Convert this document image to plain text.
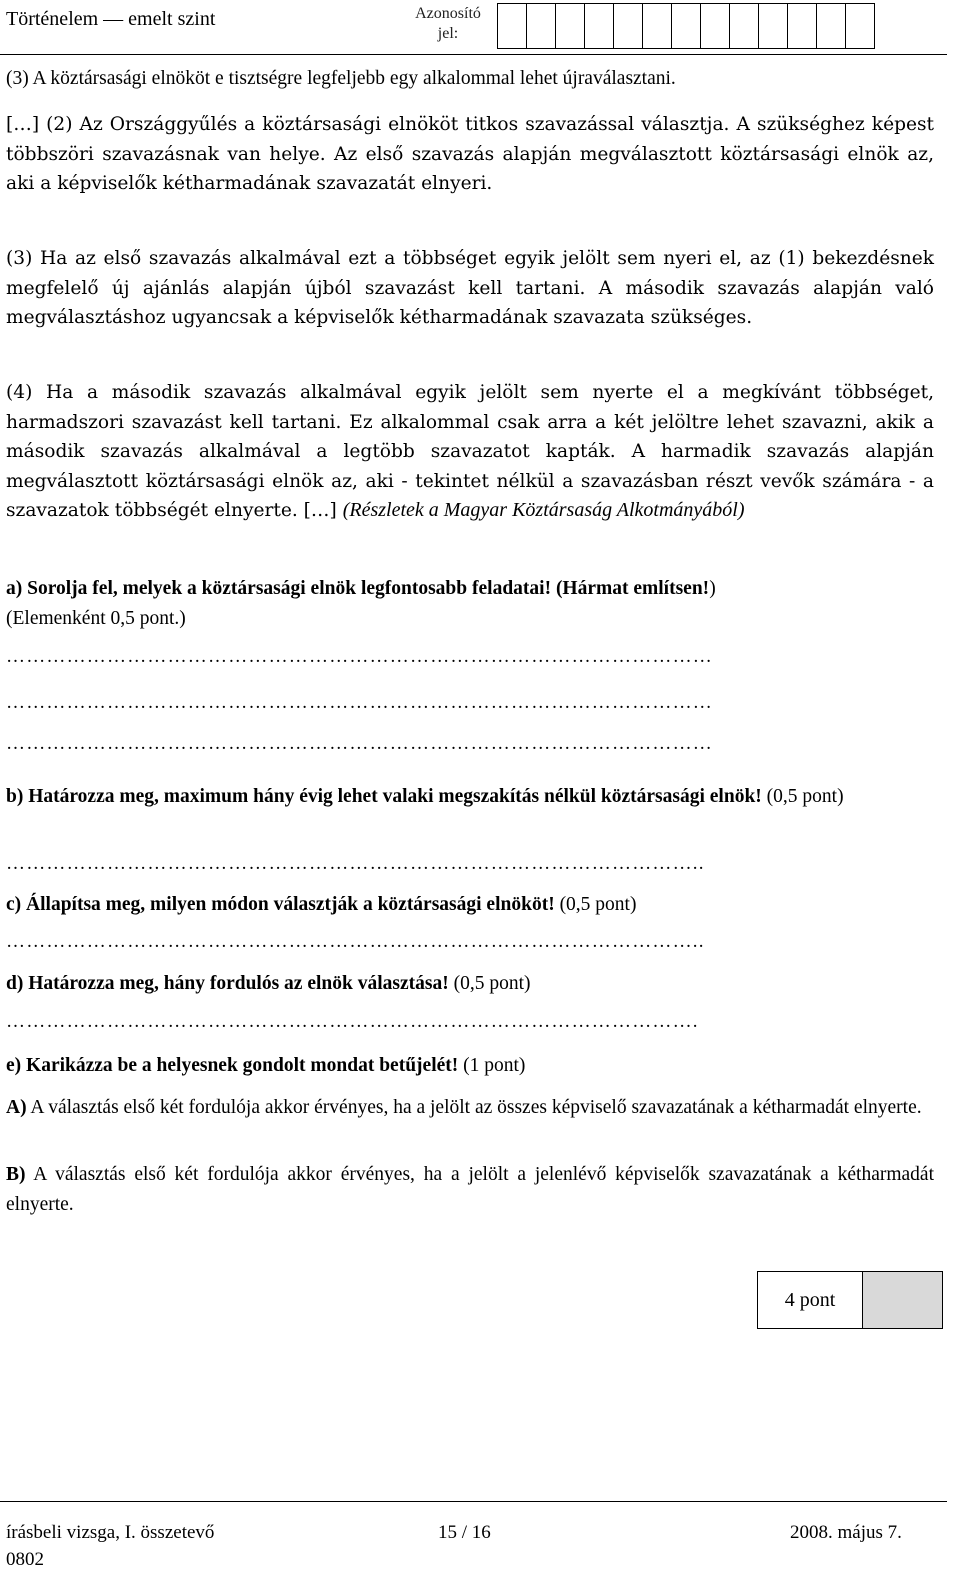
Történelem — emelt szint	Azonosító jel:
(3) A köztársasági elnököt e tisztségre legfeljebb egy alkalommal lehet újraválasztani.
[…] (2) Az Országgyűlés a köztársasági elnököt titkos szavazással választja. A szükséghez képest többszöri szavazásnak van helye. Az első szavazás alapján megválasztott köztársasági elnök az, aki a képviselők kétharmadának szavazatát elnyeri.
(3) Ha az első szavazás alkalmával ezt a többséget egyik jelölt sem nyeri el, az (1) bekezdésnek megfelelő új ajánlás alapján újból szavazást kell tartani. A második szavazás alapján való megválasztáshoz ugyancsak a képviselők kétharmadának szavazata szükséges.
(4) Ha a második szavazás alkalmával egyik jelölt sem nyerte el a megkívánt többséget, harmadszori szavazást kell tartani. Ez alkalommal csak arra a két jelöltre lehet szavazni, akik a második szavazás alkalmával a legtöbb szavazatot kapták. A harmadik szavazás alapján megválasztott köztársasági elnök az, aki - tekintet nélkül a szavazásban részt vevők számára - a szavazatok többségét elnyerte. […] (Részletek a Magyar Köztársaság Alkotmányából)
a) Sorolja fel, melyek a köztársasági elnök legfontosabb feladatai! (Hármat említsen!)
(Elemenként 0,5 pont.)
……………………………………………………………………………………………
……………………………………………………………………………………………
……………………………………………………………………………………………
b) Határozza meg, maximum hány évig lehet valaki megszakítás nélkül köztársasági elnök! (0,5 pont)
…………………………………………………………………………………………..
c) Állapítsa meg, milyen módon választják a köztársasági elnököt! (0,5 pont)
…………………………………………………………………………………………..
d) Határozza meg, hány fordulós az elnök választása! (0,5 pont)
………………………………………………………………………………………….
e) Karikázza be a helyesnek gondolt mondat betűjelét! (1 pont)
A) A választás első két fordulója akkor érvényes, ha a jelölt az összes képviselő szavazatának a kétharmadát elnyerte.
B) A választás első két fordulója akkor érvényes, ha a jelölt a jelenlévő képviselők szavazatának a kétharmadát elnyerte.
4 pont
írásbeli vizsga, I. összetevő	15 / 16	2008. május 7.
0802
